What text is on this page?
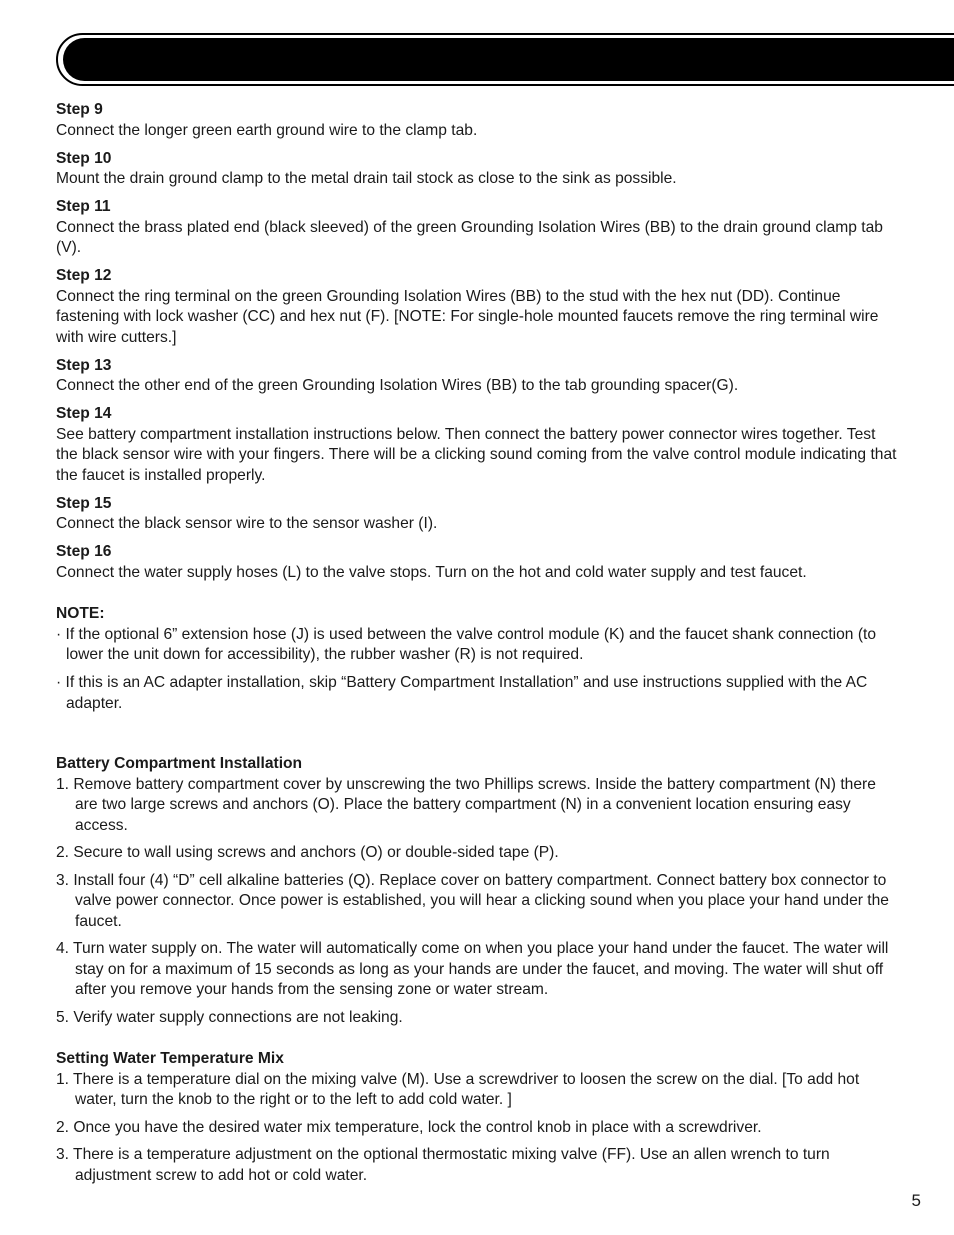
Step 9
Connect the longer green earth ground wire to the clamp tab.
Step 10
Mount the drain ground clamp to the metal drain tail stock as close to the sink as possible.
Step 11
Connect the brass plated end (black sleeved) of the green Grounding Isolation Wires (BB) to the drain ground clamp tab (V).
Step 12
Connect the ring terminal on the green Grounding Isolation Wires (BB) to the stud with the hex nut (DD). Continue fastening with lock washer (CC) and hex nut (F). [NOTE: For single-hole mounted faucets remove the ring terminal wire with wire cutters.]
Step 13
Connect the other end of the green Grounding Isolation Wires (BB) to the tab grounding spacer(G).
Step 14
See battery compartment installation instructions below. Then connect the battery power connector wires together. Test the black sensor wire with your fingers. There will be a clicking sound coming from the valve control module indicating that the faucet is installed properly.
Step 15
Connect the black sensor wire to the sensor washer (I).
Step 16
Connect the water supply hoses (L) to the valve stops. Turn on the hot and cold water supply and test faucet.
NOTE:
· If the optional 6” extension hose (J) is used between the valve control module (K) and the faucet shank connection (to lower the unit down for accessibility), the rubber washer (R) is not required.
· If this is an AC adapter installation, skip “Battery Compartment Installation” and use instructions supplied with the AC adapter.
Battery Compartment Installation
1. Remove battery compartment cover by unscrewing the two Phillips screws. Inside the battery compartment (N) there are two large screws and anchors (O). Place the battery compartment (N) in a convenient location ensuring easy access.
2. Secure to wall using screws and anchors (O) or double-sided tape (P).
3. Install four (4) “D” cell alkaline batteries (Q). Replace cover on battery compartment. Connect battery box connector to valve power connector. Once power is established, you will hear a clicking sound when you place your hand under the faucet.
4. Turn water supply on. The water will automatically come on when you place your hand under the faucet. The water will stay on for a maximum of 15 seconds as long as your hands are under the faucet, and moving. The water will shut off after you remove your hands from the sensing zone or water stream.
5. Verify water supply connections are not leaking.
Setting Water Temperature Mix
1. There is a temperature dial on the mixing valve (M). Use a screwdriver to loosen the screw on the dial. [To add hot water, turn the knob to the right or to the left to add cold water. ]
2. Once you have the desired water mix temperature, lock the control knob in place with a screwdriver.
3. There is a temperature adjustment on the optional thermostatic mixing valve (FF). Use an allen wrench to turn adjustment screw to add hot or cold water.
5
